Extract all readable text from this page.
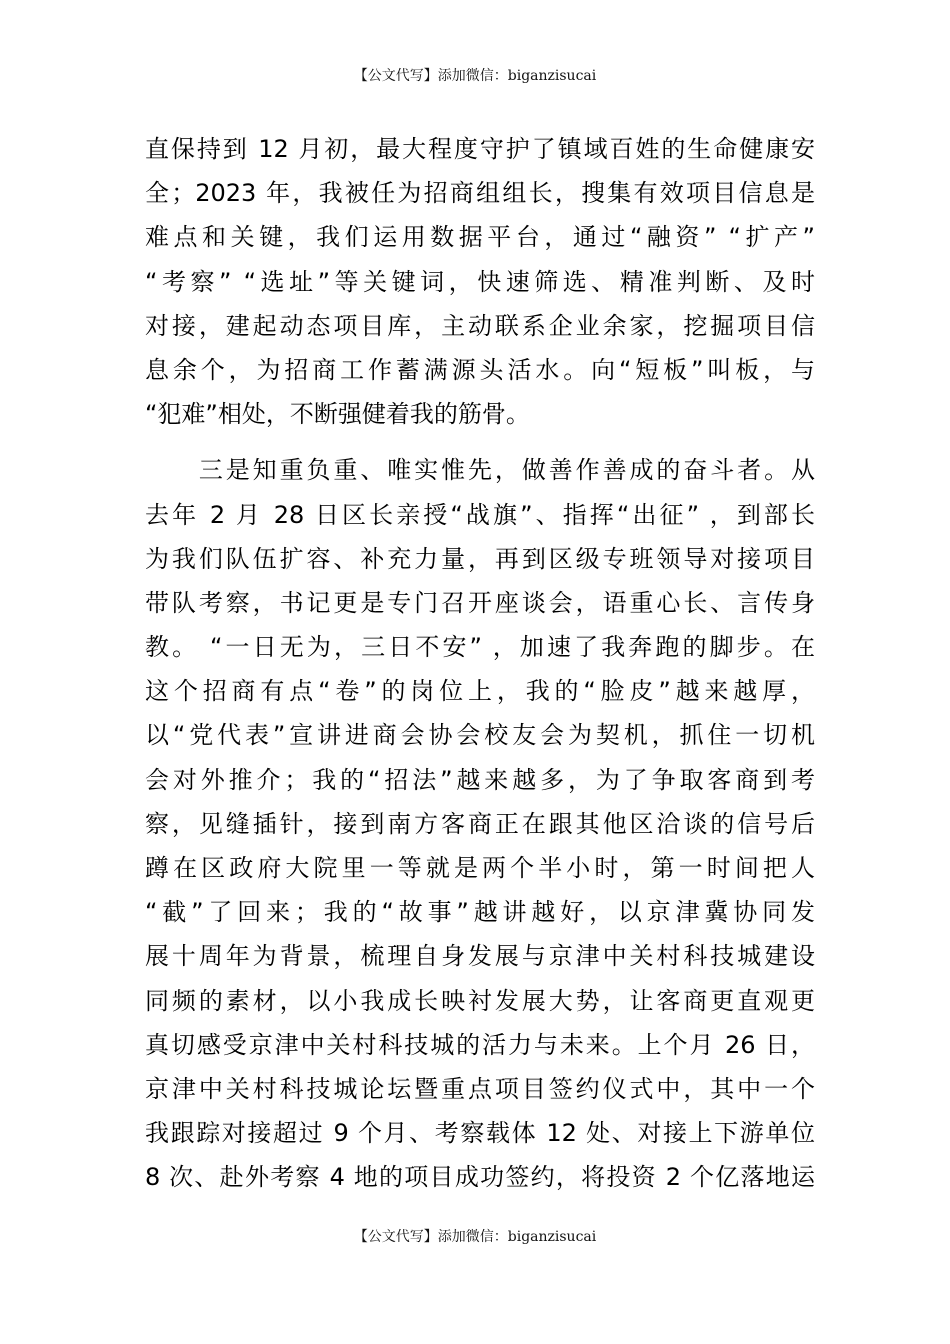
【公文代写】添加微信：biganzisucai
直保持到 12 月初，最大程度守护了镇域百姓的生命健康安
全；2023 年，我被任为招商组组长，搜集有效项目信息是
难点和关键，我们运用数据平台，通过“融资” “扩产”
“考察” “选址”等关键词，快速筛选、精准判断、及时
对接，建起动态项目库，主动联系企业余家，挖掘项目信
息余个，为招商工作蓄满源头活水。向“短板”叫板，与
“犯难”相处，不断强健着我的筋骨。
　　三是知重负重、唯实惟先，做善作善成的奋斗者。从
去年 2 月 28 日区长亲授“战旗”、指挥“出征” ，到部长
为我们队伍扩容、补充力量，再到区级专班领导对接项目
带队考察，书记更是专门召开座谈会，语重心长、言传身
教。 “一日无为，三日不安” ，加速了我奔跑的脚步。在
这个招商有点“卷”的岗位上，我的“脸皮”越来越厚，
以“党代表”宣讲进商会协会校友会为契机，抓住一切机
会对外推介；我的“招法”越来越多，为了争取客商到考
察，见缝插针，接到南方客商正在跟其他区洽谈的信号后
蹲在区政府大院里一等就是两个半小时，第一时间把人
“截”了回来；我的“故事”越讲越好，以京津冀协同发
展十周年为背景，梳理自身发展与京津中关村科技城建设
同频的素材，以小我成长映衬发展大势，让客商更直观更
真切感受京津中关村科技城的活力与未来。上个月 26 日，
京津中关村科技城论坛暨重点项目签约仪式中，其中一个
我跟踪对接超过 9 个月、考察载体 12 处、对接上下游单位
8 次、赴外考察 4 地的项目成功签约，将投资 2 个亿落地运
【公文代写】添加微信：biganzisucai
